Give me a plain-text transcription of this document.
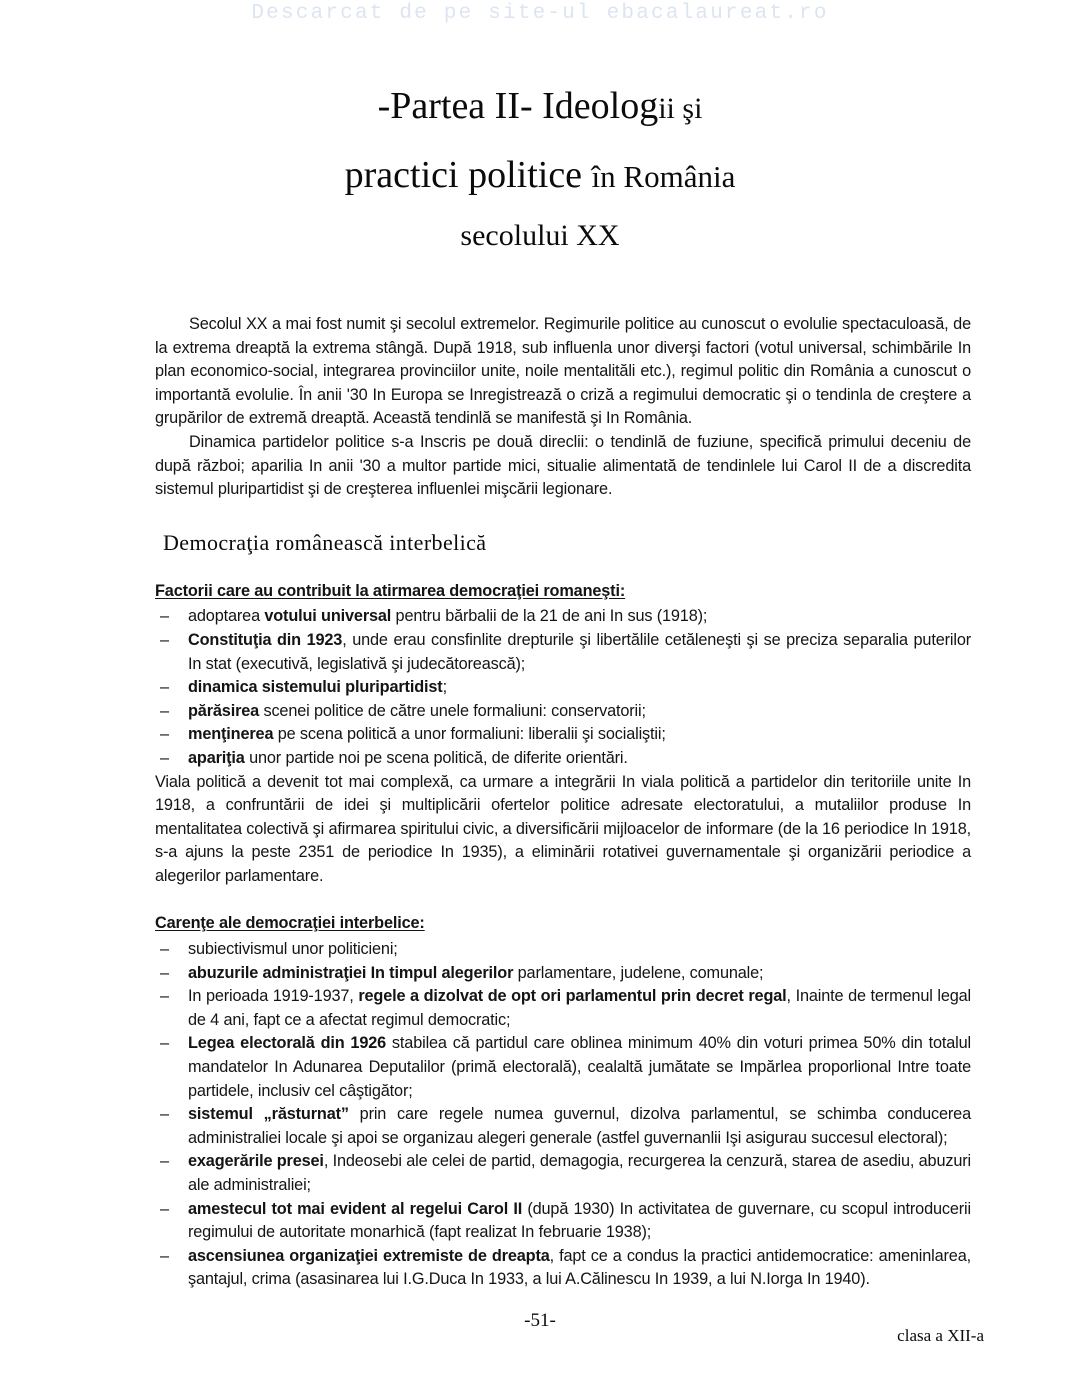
Descarcat de pe site-ul ebacalaureat.ro
-Partea II- Ideologii şi
practici politice în România
secolului XX

Secolul XX a mai fost numit şi secolul extremelor. Regimurile politice au cunoscut o evolulie spectaculoasă, de la extrema dreaptă la extrema stângă. După 1918, sub influenla unor diverşi factori (votul universal, schimbările In plan economico-social, integrarea provinciilor unite, noile mentalităli etc.), regimul politic din România a cunoscut o importantă evolulie. În anii '30 In Europa se Inregistrează o criză a regimului democratic şi o tendinla de creştere a grupărilor de extremă dreaptă. Această tendinlă se manifestă şi In România.

Dinamica partidelor politice s-a Inscris pe două direclii: o tendinlă de fuziune, specifică primului deceniu de după război; aparilia In anii '30 a multor partide mici, situalie alimentată de tendinlele lui Carol II de a discredita sistemul pluripartidist şi de creşterea influenlei mişcării legionare.

Democraţia românească interbelică
Factorii care au contribuit la atirmarea democraţiei romaneşti:
– adoptarea votului universal pentru bărbalii de la 21 de ani In sus (1918);
– Constituţia din 1923, unde erau consfinlite drepturile şi libertălile cetăleneşti şi se preciza separalia puterilor In stat (executivă, legislativă şi judecătorească);
– dinamica sistemului pluripartidist;
– părăsirea scenei politice de către unele formaliuni: conservatorii;
– menţinerea pe scena politică a unor formaliuni: liberalii şi socialiştii;
– apariţia unor partide noi pe scena politică, de diferite orientări.

Viala politică a devenit tot mai complexă, ca urmare a integrării In viala politică a partidelor din teritoriile unite In 1918, a confruntării de idei şi multiplicării ofertelor politice adresate electoratului, a mutaliilor produse In mentalitatea colectivă şi afirmarea spiritului civic, a diversificării mijloacelor de informare (de la 16 periodice In 1918, s-a ajuns la peste 2351 de periodice In 1935), a eliminării rotativei guvernamentale şi organizării periodice a alegerilor parlamentare.

Carenţe ale democraţiei interbelice:
– subiectivismul unor politicieni;
– abuzurile administraţiei In timpul alegerilor parlamentare, judelene, comunale;
– In perioada 1919-1937, regele a dizolvat de opt ori parlamentul prin decret regal, Inainte de termenul legal de 4 ani, fapt ce a afectat regimul democratic;
– Legea electorală din 1926 stabilea că partidul care oblinea minimum 40% din voturi primea 50% din totalul mandatelor In Adunarea Deputalilor (primă electorală), cealaltă jumătate se Impărlea proporlional Intre toate partidele, inclusiv cel câştigător;
– sistemul „răsturnat” prin care regele numea guvernul, dizolva parlamentul, se schimba conducerea administraliei locale şi apoi se organizau alegeri generale (astfel guvernanlii Işi asigurau succesul electoral);
– exagerările presei, Indeosebi ale celei de partid, demagogia, recurgerea la cenzură, starea de asediu, abuzuri ale administraliei;
– amestecul tot mai evident al regelui Carol II (după 1930) In activitatea de guvernare, cu scopul introducerii regimului de autoritate monarhică (fapt realizat In februarie 1938);
– ascensiunea organizaţiei extremiste de dreapta, fapt ce a condus la practici antidemocratice: ameninlarea, şantajul, crima (asasinarea lui I.G.Duca In 1933, a lui A.Călinescu In 1939, a lui N.Iorga In 1940).
-51-
clasa a XII-a
